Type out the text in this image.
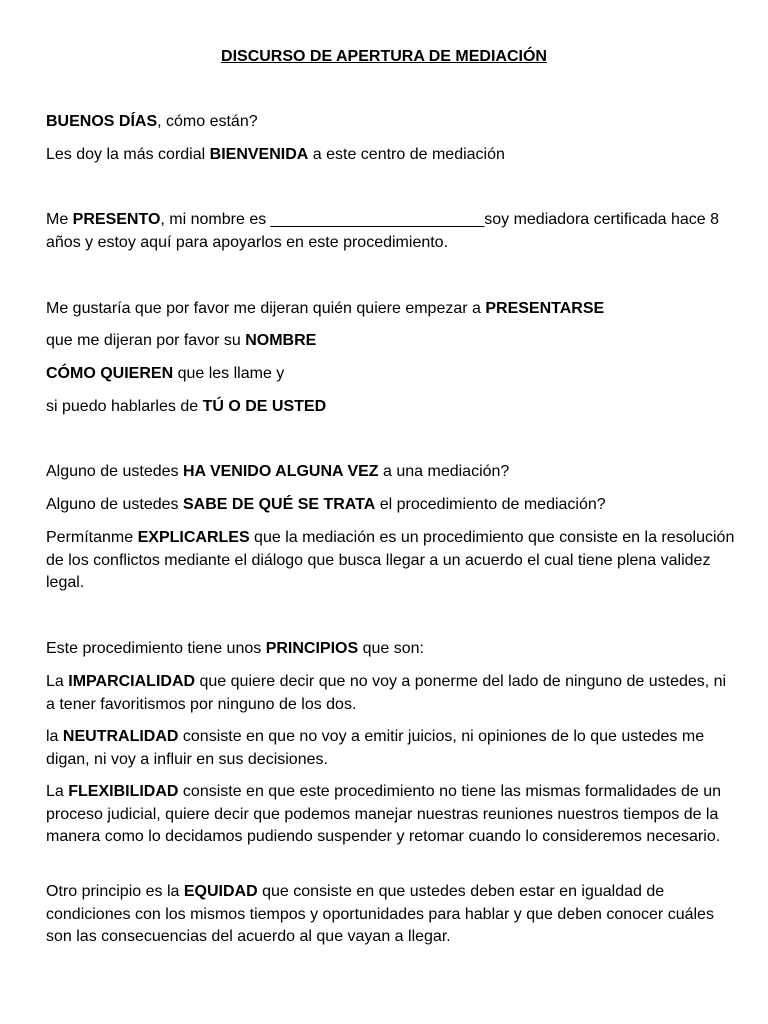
DISCURSO DE APERTURA DE MEDIACIÓN

BUENOS DÍAS, cómo están?

Les doy la más cordial BIENVENIDA a este centro de mediación

Me PRESENTO, mi nombre es ________________________soy mediadora certificada hace 8 años y estoy aquí para apoyarlos en este procedimiento.

Me gustaría que por favor me dijeran quién quiere empezar a PRESENTARSE

que me dijeran por favor su NOMBRE

CÓMO QUIEREN que les llame y

si puedo hablarles de TÚ O DE USTED

Alguno de ustedes HA VENIDO ALGUNA VEZ a una mediación?

Alguno de ustedes SABE DE QUÉ SE TRATA el procedimiento de mediación?

Permítanme EXPLICARLES que la mediación es un procedimiento que consiste en la resolución de los conflictos mediante el diálogo que busca llegar a un acuerdo el cual tiene plena validez legal.

Este procedimiento tiene unos PRINCIPIOS que son:

La IMPARCIALIDAD que quiere decir que no voy a ponerme del lado de ninguno de ustedes, ni a tener favoritismos por ninguno de los dos.

la NEUTRALIDAD consiste en que no voy a emitir juicios, ni opiniones de lo que ustedes me digan, ni voy a influir en sus decisiones.

La FLEXIBILIDAD consiste en que este procedimiento no tiene las mismas formalidades de un proceso judicial, quiere decir que podemos manejar nuestras reuniones nuestros tiempos de la manera como lo decidamos pudiendo suspender y retomar cuando lo consideremos necesario.

Otro principio es la EQUIDAD que consiste en que ustedes deben estar en igualdad de condiciones con los mismos tiempos y oportunidades para hablar y que deben conocer cuáles son las consecuencias del acuerdo al que vayan a llegar.
